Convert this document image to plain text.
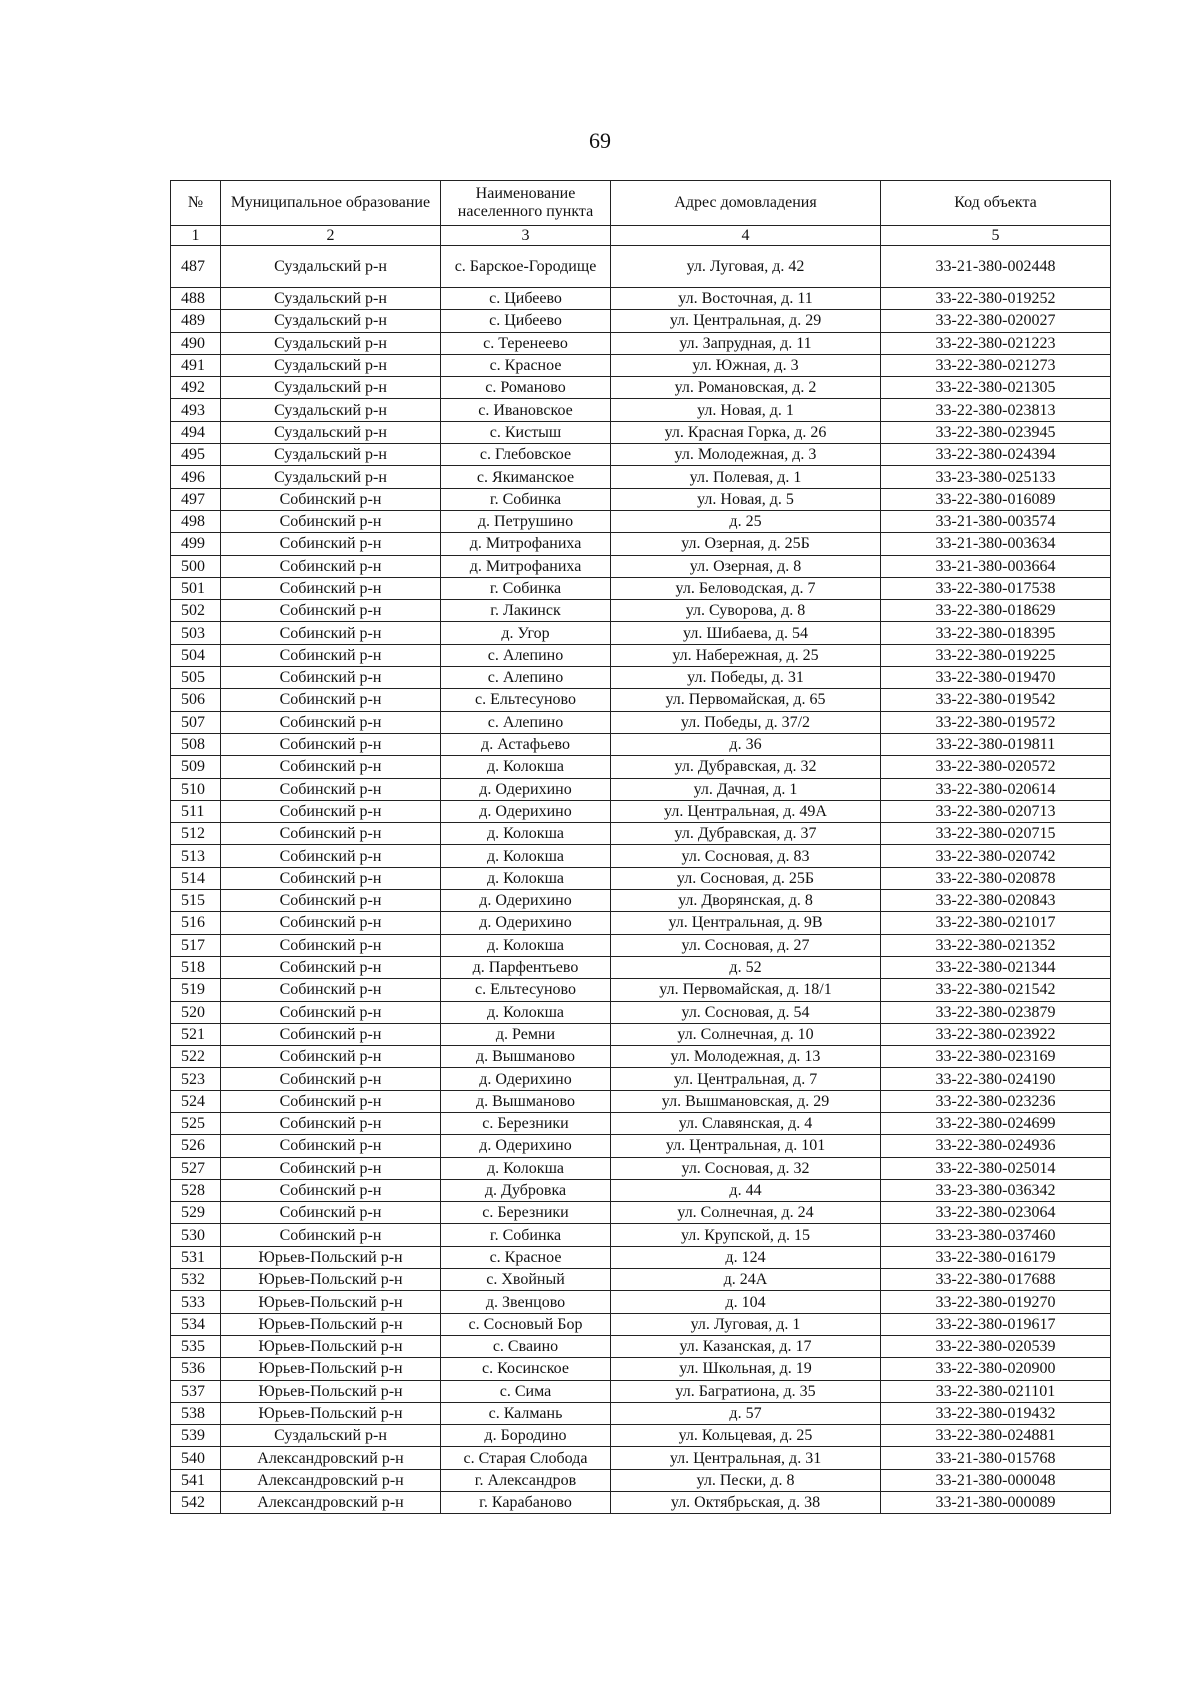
69
№	Муниципальное образование	Наименование населенного пункта	Адрес домовладения	Код объекта
1	2	3	4	5
487	Суздальский р-н	с. Барское-Городище	ул. Луговая, д. 42	33-21-380-002448
488	Суздальский р-н	с. Цибеево	ул. Восточная, д. 11	33-22-380-019252
489	Суздальский р-н	с. Цибеево	ул. Центральная, д. 29	33-22-380-020027
490	Суздальский р-н	с. Теренеево	ул. Запрудная, д. 11	33-22-380-021223
491	Суздальский р-н	с. Красное	ул. Южная, д. 3	33-22-380-021273
492	Суздальский р-н	с. Романово	ул. Романовская, д. 2	33-22-380-021305
493	Суздальский р-н	с. Ивановское	ул. Новая, д. 1	33-22-380-023813
494	Суздальский р-н	с. Кистыш	ул. Красная Горка, д. 26	33-22-380-023945
495	Суздальский р-н	с. Глебовское	ул. Молодежная, д. 3	33-22-380-024394
496	Суздальский р-н	с. Якиманское	ул. Полевая, д. 1	33-23-380-025133
497	Собинский р-н	г. Собинка	ул. Новая, д. 5	33-22-380-016089
498	Собинский р-н	д. Петрушино	д. 25	33-21-380-003574
499	Собинский р-н	д. Митрофаниха	ул. Озерная, д. 25Б	33-21-380-003634
500	Собинский р-н	д. Митрофаниха	ул. Озерная, д. 8	33-21-380-003664
501	Собинский р-н	г. Собинка	ул. Беловодская, д. 7	33-22-380-017538
502	Собинский р-н	г. Лакинск	ул. Суворова, д. 8	33-22-380-018629
503	Собинский р-н	д. Угор	ул. Шибаева, д. 54	33-22-380-018395
504	Собинский р-н	с. Алепино	ул. Набережная, д. 25	33-22-380-019225
505	Собинский р-н	с. Алепино	ул. Победы, д. 31	33-22-380-019470
506	Собинский р-н	с. Ельтесуново	ул. Первомайская, д. 65	33-22-380-019542
507	Собинский р-н	с. Алепино	ул. Победы, д. 37/2	33-22-380-019572
508	Собинский р-н	д. Астафьево	д. 36	33-22-380-019811
509	Собинский р-н	д. Колокша	ул. Дубравская, д. 32	33-22-380-020572
510	Собинский р-н	д. Одерихино	ул. Дачная, д. 1	33-22-380-020614
511	Собинский р-н	д. Одерихино	ул. Центральная, д. 49А	33-22-380-020713
512	Собинский р-н	д. Колокша	ул. Дубравская, д. 37	33-22-380-020715
513	Собинский р-н	д. Колокша	ул. Сосновая, д. 83	33-22-380-020742
514	Собинский р-н	д. Колокша	ул. Сосновая, д. 25Б	33-22-380-020878
515	Собинский р-н	д. Одерихино	ул. Дворянская, д. 8	33-22-380-020843
516	Собинский р-н	д. Одерихино	ул. Центральная, д. 9В	33-22-380-021017
517	Собинский р-н	д. Колокша	ул. Сосновая, д. 27	33-22-380-021352
518	Собинский р-н	д. Парфентьево	д. 52	33-22-380-021344
519	Собинский р-н	с. Ельтесуново	ул. Первомайская, д. 18/1	33-22-380-021542
520	Собинский р-н	д. Колокша	ул. Сосновая, д. 54	33-22-380-023879
521	Собинский р-н	д. Ремни	ул. Солнечная, д. 10	33-22-380-023922
522	Собинский р-н	д. Вышманово	ул. Молодежная, д. 13	33-22-380-023169
523	Собинский р-н	д. Одерихино	ул. Центральная, д. 7	33-22-380-024190
524	Собинский р-н	д. Вышманово	ул. Вышмановская, д. 29	33-22-380-023236
525	Собинский р-н	с. Березники	ул. Славянская, д. 4	33-22-380-024699
526	Собинский р-н	д. Одерихино	ул. Центральная, д. 101	33-22-380-024936
527	Собинский р-н	д. Колокша	ул. Сосновая, д. 32	33-22-380-025014
528	Собинский р-н	д. Дубровка	д. 44	33-23-380-036342
529	Собинский р-н	с. Березники	ул. Солнечная, д. 24	33-22-380-023064
530	Собинский р-н	г. Собинка	ул. Крупской, д. 15	33-23-380-037460
531	Юрьев-Польский р-н	с. Красное	д. 124	33-22-380-016179
532	Юрьев-Польский р-н	с. Хвойный	д. 24А	33-22-380-017688
533	Юрьев-Польский р-н	д. Звенцово	д. 104	33-22-380-019270
534	Юрьев-Польский р-н	с. Сосновый Бор	ул. Луговая, д. 1	33-22-380-019617
535	Юрьев-Польский р-н	с. Сваино	ул. Казанская, д. 17	33-22-380-020539
536	Юрьев-Польский р-н	с. Косинское	ул. Школьная, д. 19	33-22-380-020900
537	Юрьев-Польский р-н	с. Сима	ул. Багратиона, д. 35	33-22-380-021101
538	Юрьев-Польский р-н	с. Калмань	д. 57	33-22-380-019432
539	Суздальский р-н	д. Бородино	ул. Кольцевая, д. 25	33-22-380-024881
540	Александровский р-н	с. Старая Слобода	ул. Центральная, д. 31	33-21-380-015768
541	Александровский р-н	г. Александров	ул. Пески, д. 8	33-21-380-000048
542	Александровский р-н	г. Карабаново	ул. Октябрьская, д. 38	33-21-380-000089
